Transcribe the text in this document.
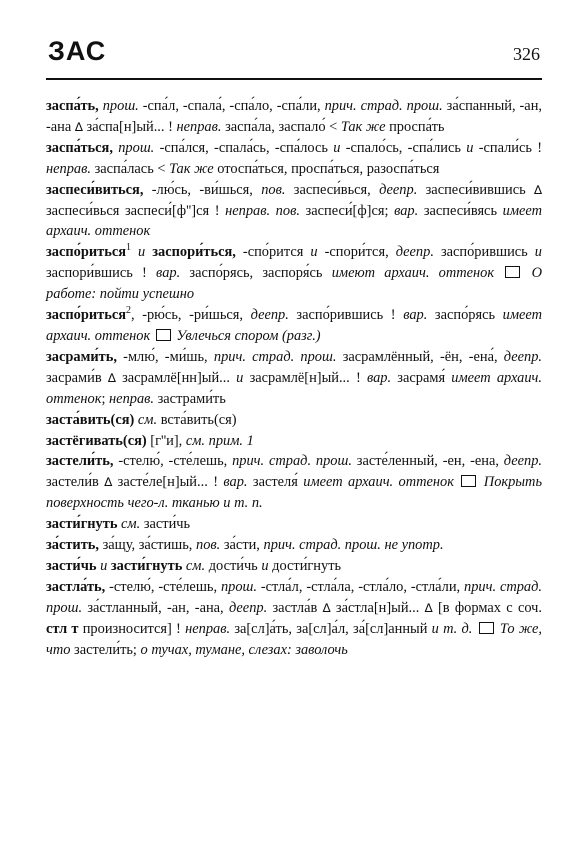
ЗАС	326

заспа́ть, прош. -спа́л, -спала́, -спа́ло, -спа́ли, прич. страд. прош. за́спанный, -ан, -ана ∆ за́спа[н]ый... ! неправ. заспа́ла, заспало́ < Так же проспа́ть

заспа́ться, прош. -спа́лся, -спала́сь, -спа́лось и -спало́сь, -спа́лись и -спали́сь ! неправ. заспа́лась < Так же отоспа́ться, проспа́ться, разоспа́ться

заспеси́виться, -лю́сь, -ви́шься, пов. заспеси́вься, деепр. заспеси́вившись ∆ заспеси́вься заспеси́[ф'']ся ! неправ. пов. заспеси́[ф]ся; вар. заспеси́вясь имеет архаич. оттенок

заспо́риться$^1$ и заспори́ться, -спо́рится и -спори́тся, деепр. заспо́рившись и заспори́вшись ! вар. заспо́рясь, заспоря́сь имеют архаич. оттенок	О работе: пойти успешно

заспо́риться$^2$, -рю́сь, -ри́шься, деепр. заспо́рившись ! вар. заспо́рясь имеет архаич. оттенок Увлечься спором (разг.)

засрами́ть, -млю́, -ми́шь, прич. страд. прош. засрамлённый, -ён, -ена́, деепр. засрами́в ∆ засрамлё[нн]ый... и засрамлё[н]ый... ! вар. засрамя́ имеет архаич. оттенок; неправ. застрами́ть

заста́вить(ся) см. вста́вить(ся)

застёгивать(ся) [г''и], см. прим. 1

застели́ть, -стелю́, -сте́лешь, прич. страд. прош. засте́ленный, -ен, -ена, деепр. застели́в ∆ засте́ле[н]ый... ! вар. застеля́ имеет архаич. оттенок Покрыть поверхность чего-л. тканью и т. п.

засти́гнуть см. засти́чь

за́стить, за́щу, за́стишь, пов. за́сти, прич. страд. прош. не употр.

засти́чь и засти́гнуть см. дости́чь и дости́гнуть

застла́ть, -стелю́, -сте́лешь, прош. -стла́л, -стла́ла, -стла́ло, -стла́ли, прич. страд. прош. за́стланный, -ан, -ана, деепр. застла́в ∆ за́стла[н]ый... ∆ [в формах с соч. стл т произносится] ! неправ. за[сл]а́ть, за[сл]а́л, за́[сл]анный и т. д. То же, что застели́ть; о тучах, тумане, слезах: заволочь
